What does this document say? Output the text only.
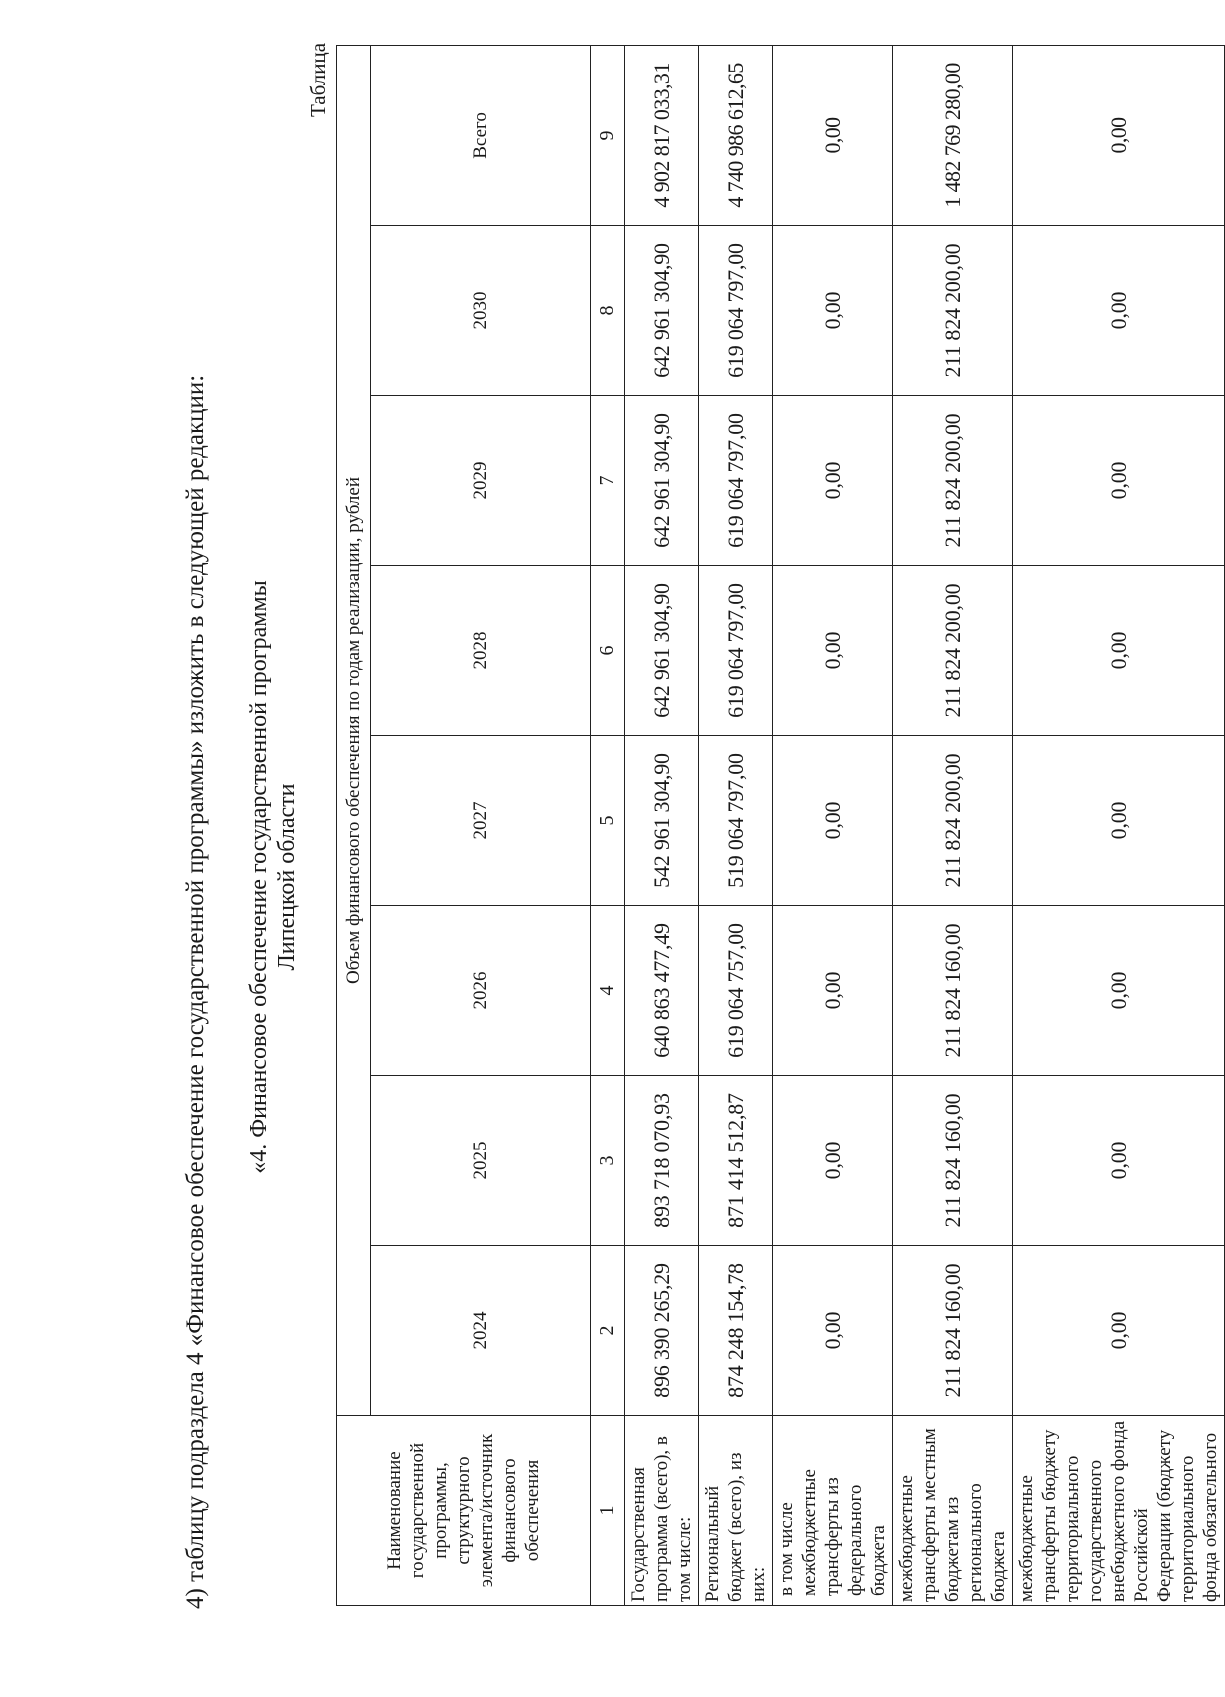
4) таблицу подраздела 4 «Финансовое обеспечение государственной программы» изложить в следующей редакции: «4. Финансовое обеспечение государственной программы Липецкой области
Таблица
Наименование государственной программы, структурного элемента/источник финансового обеспечения	Объем финансового обеспечения по годам реализации, рублей							
	2024	2025	2026	2027	2028	2029	2030	Всего
1	2	3	4	5	6	7	8	9
Государственная программа (всего), в том числе:	896 390 265,29	893 718 070,93	640 863 477,49	542 961 304,90	642 961 304,90	642 961 304,90	642 961 304,90	4 902 817 033,31
Региональный бюджет (всего), из них:	874 248 154,78	871 414 512,87	619 064 757,00	519 064 797,00	619 064 797,00	619 064 797,00	619 064 797,00	4 740 986 612,65

в том числе межбюджетные трансферты из федерального бюджета	0,00	0,00	0,00	0,00	0,00	0,00	0,00	0,00
межбюджетные трансферты местным бюджетам из регионального бюджета	211 824 160,00	211 824 160,00	211 824 160,00	211 824 200,00	211 824 200,00	211 824 200,00	211 824 200,00	1 482 769 280,00
межбюджетные трансферты бюджету территориального государственного внебюджетного фонда Российской Федерации (бюджету территориального фонда обязательного	0,00	0,00	0,00	0,00	0,00	0,00	0,00	0,00
